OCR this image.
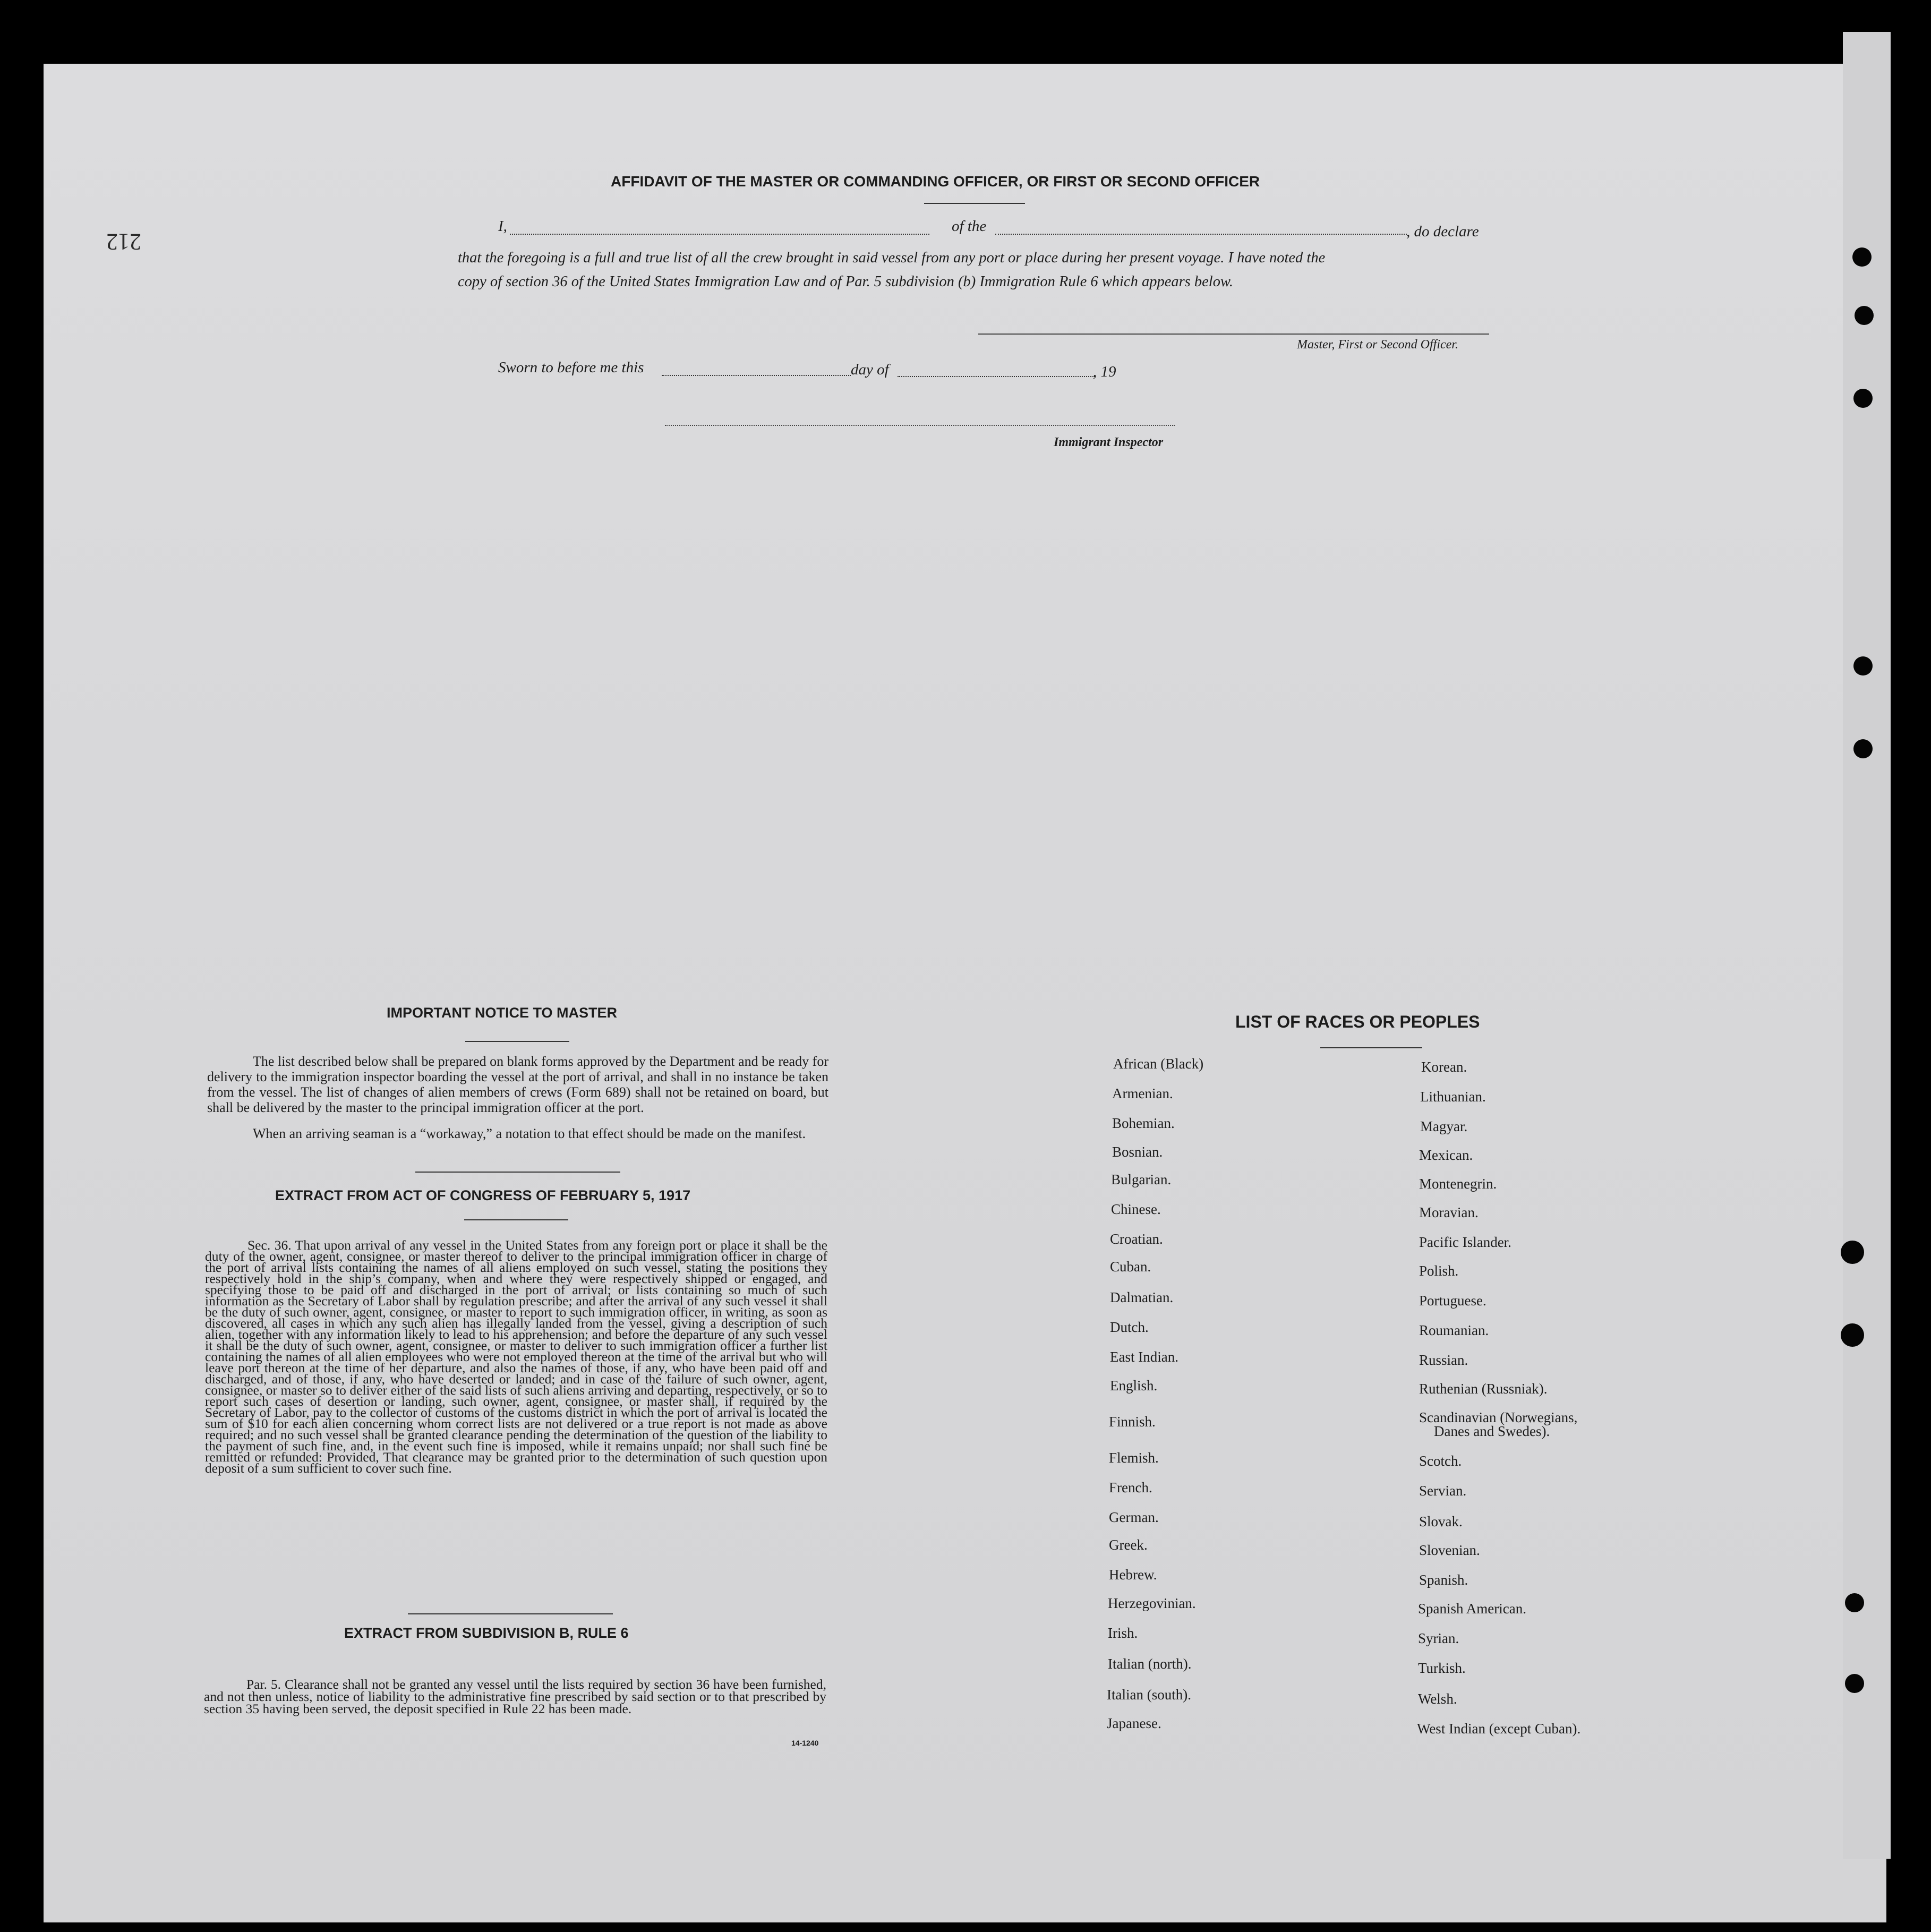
212
AFFIDAVIT OF THE MASTER OR COMMANDING OFFICER, OR FIRST OR SECOND OFFICER
I,	of the	, do declare
that the foregoing is a full and true list of all the crew brought in said vessel from any port or place during her present voyage. I have noted the
copy of section 36 of the United States Immigration Law and of Par. 5 subdivision (b) Immigration Rule 6 which appears below.
Master, First or Second Officer.
Sworn to before me this	day of	, 19
Immigrant Inspector
IMPORTANT NOTICE TO MASTER
The list described below shall be prepared on blank forms approved by the Department and be ready for delivery to the immigration inspector boarding the vessel at the port of arrival, and shall in no instance be taken from the vessel. The list of changes of alien members of crews (Form 689) shall not be retained on board, but shall be delivered by the master to the principal immigration officer at the port.
When an arriving seaman is a “workaway,” a notation to that effect should be made on the manifest.
EXTRACT FROM ACT OF CONGRESS OF FEBRUARY 5, 1917
Sec. 36. That upon arrival of any vessel in the United States from any foreign port or place it shall be the duty of the owner, agent, consignee, or master thereof to deliver to the principal immigration officer in charge of the port of arrival lists containing the names of all aliens employed on such vessel, stating the positions they respectively hold in the ship’s company, when and where they were respectively shipped or engaged, and specifying those to be paid off and discharged in the port of arrival; or lists containing so much of such information as the Secretary of Labor shall by regulation prescribe; and after the arrival of any such vessel it shall be the duty of such owner, agent, consignee, or master to report to such immigration officer, in writing, as soon as discovered, all cases in which any such alien has illegally landed from the vessel, giving a description of such alien, together with any information likely to lead to his apprehension; and before the departure of any such vessel it shall be the duty of such owner, agent, consignee, or master to deliver to such immigration officer a further list containing the names of all alien employees who were not employed thereon at the time of the arrival but who will leave port thereon at the time of her departure, and also the names of those, if any, who have been paid off and discharged, and of those, if any, who have deserted or landed; and in case of the failure of such owner, agent, consignee, or master so to deliver either of the said lists of such aliens arriving and departing, respectively, or so to report such cases of desertion or landing, such owner, agent, consignee, or master shall, if required by the Secretary of Labor, pay to the collector of customs of the customs district in which the port of arrival is located the sum of $10 for each alien concerning whom correct lists are not delivered or a true report is not made as above required; and no such vessel shall be granted clearance pending the determination of the question of the liability to the payment of such fine, and, in the event such fine is imposed, while it remains unpaid; nor shall such fine be remitted or refunded: Provided, That clearance may be granted prior to the determination of such question upon deposit of a sum sufficient to cover such fine.
EXTRACT FROM SUBDIVISION B, RULE 6
Par. 5. Clearance shall not be granted any vessel until the lists required by section 36 have been furnished, and not then unless, notice of liability to the administrative fine prescribed by said section or to that prescribed by section 35 having been served, the deposit specified in Rule 22 has been made.
14-1240
LIST OF RACES OR PEOPLES
African (Black)
Armenian.
Bohemian.
Bosnian.
Bulgarian.
Chinese.
Croatian.
Cuban.
Dalmatian.
Dutch.
East Indian.
English.
Finnish.
Flemish.
French.
German.
Greek.
Hebrew.
Herzegovinian.
Irish.
Italian (north).
Italian (south).
Japanese.
Korean.
Lithuanian.
Magyar.
Mexican.
Montenegrin.
Moravian.
Pacific Islander.
Polish.
Portuguese.
Roumanian.
Russian.
Ruthenian (Russniak).
Scandinavian (Norwegians,
Danes and Swedes).
Scotch.
Servian.
Slovak.
Slovenian.
Spanish.
Spanish American.
Syrian.
Turkish.
Welsh.
West Indian (except Cuban).
